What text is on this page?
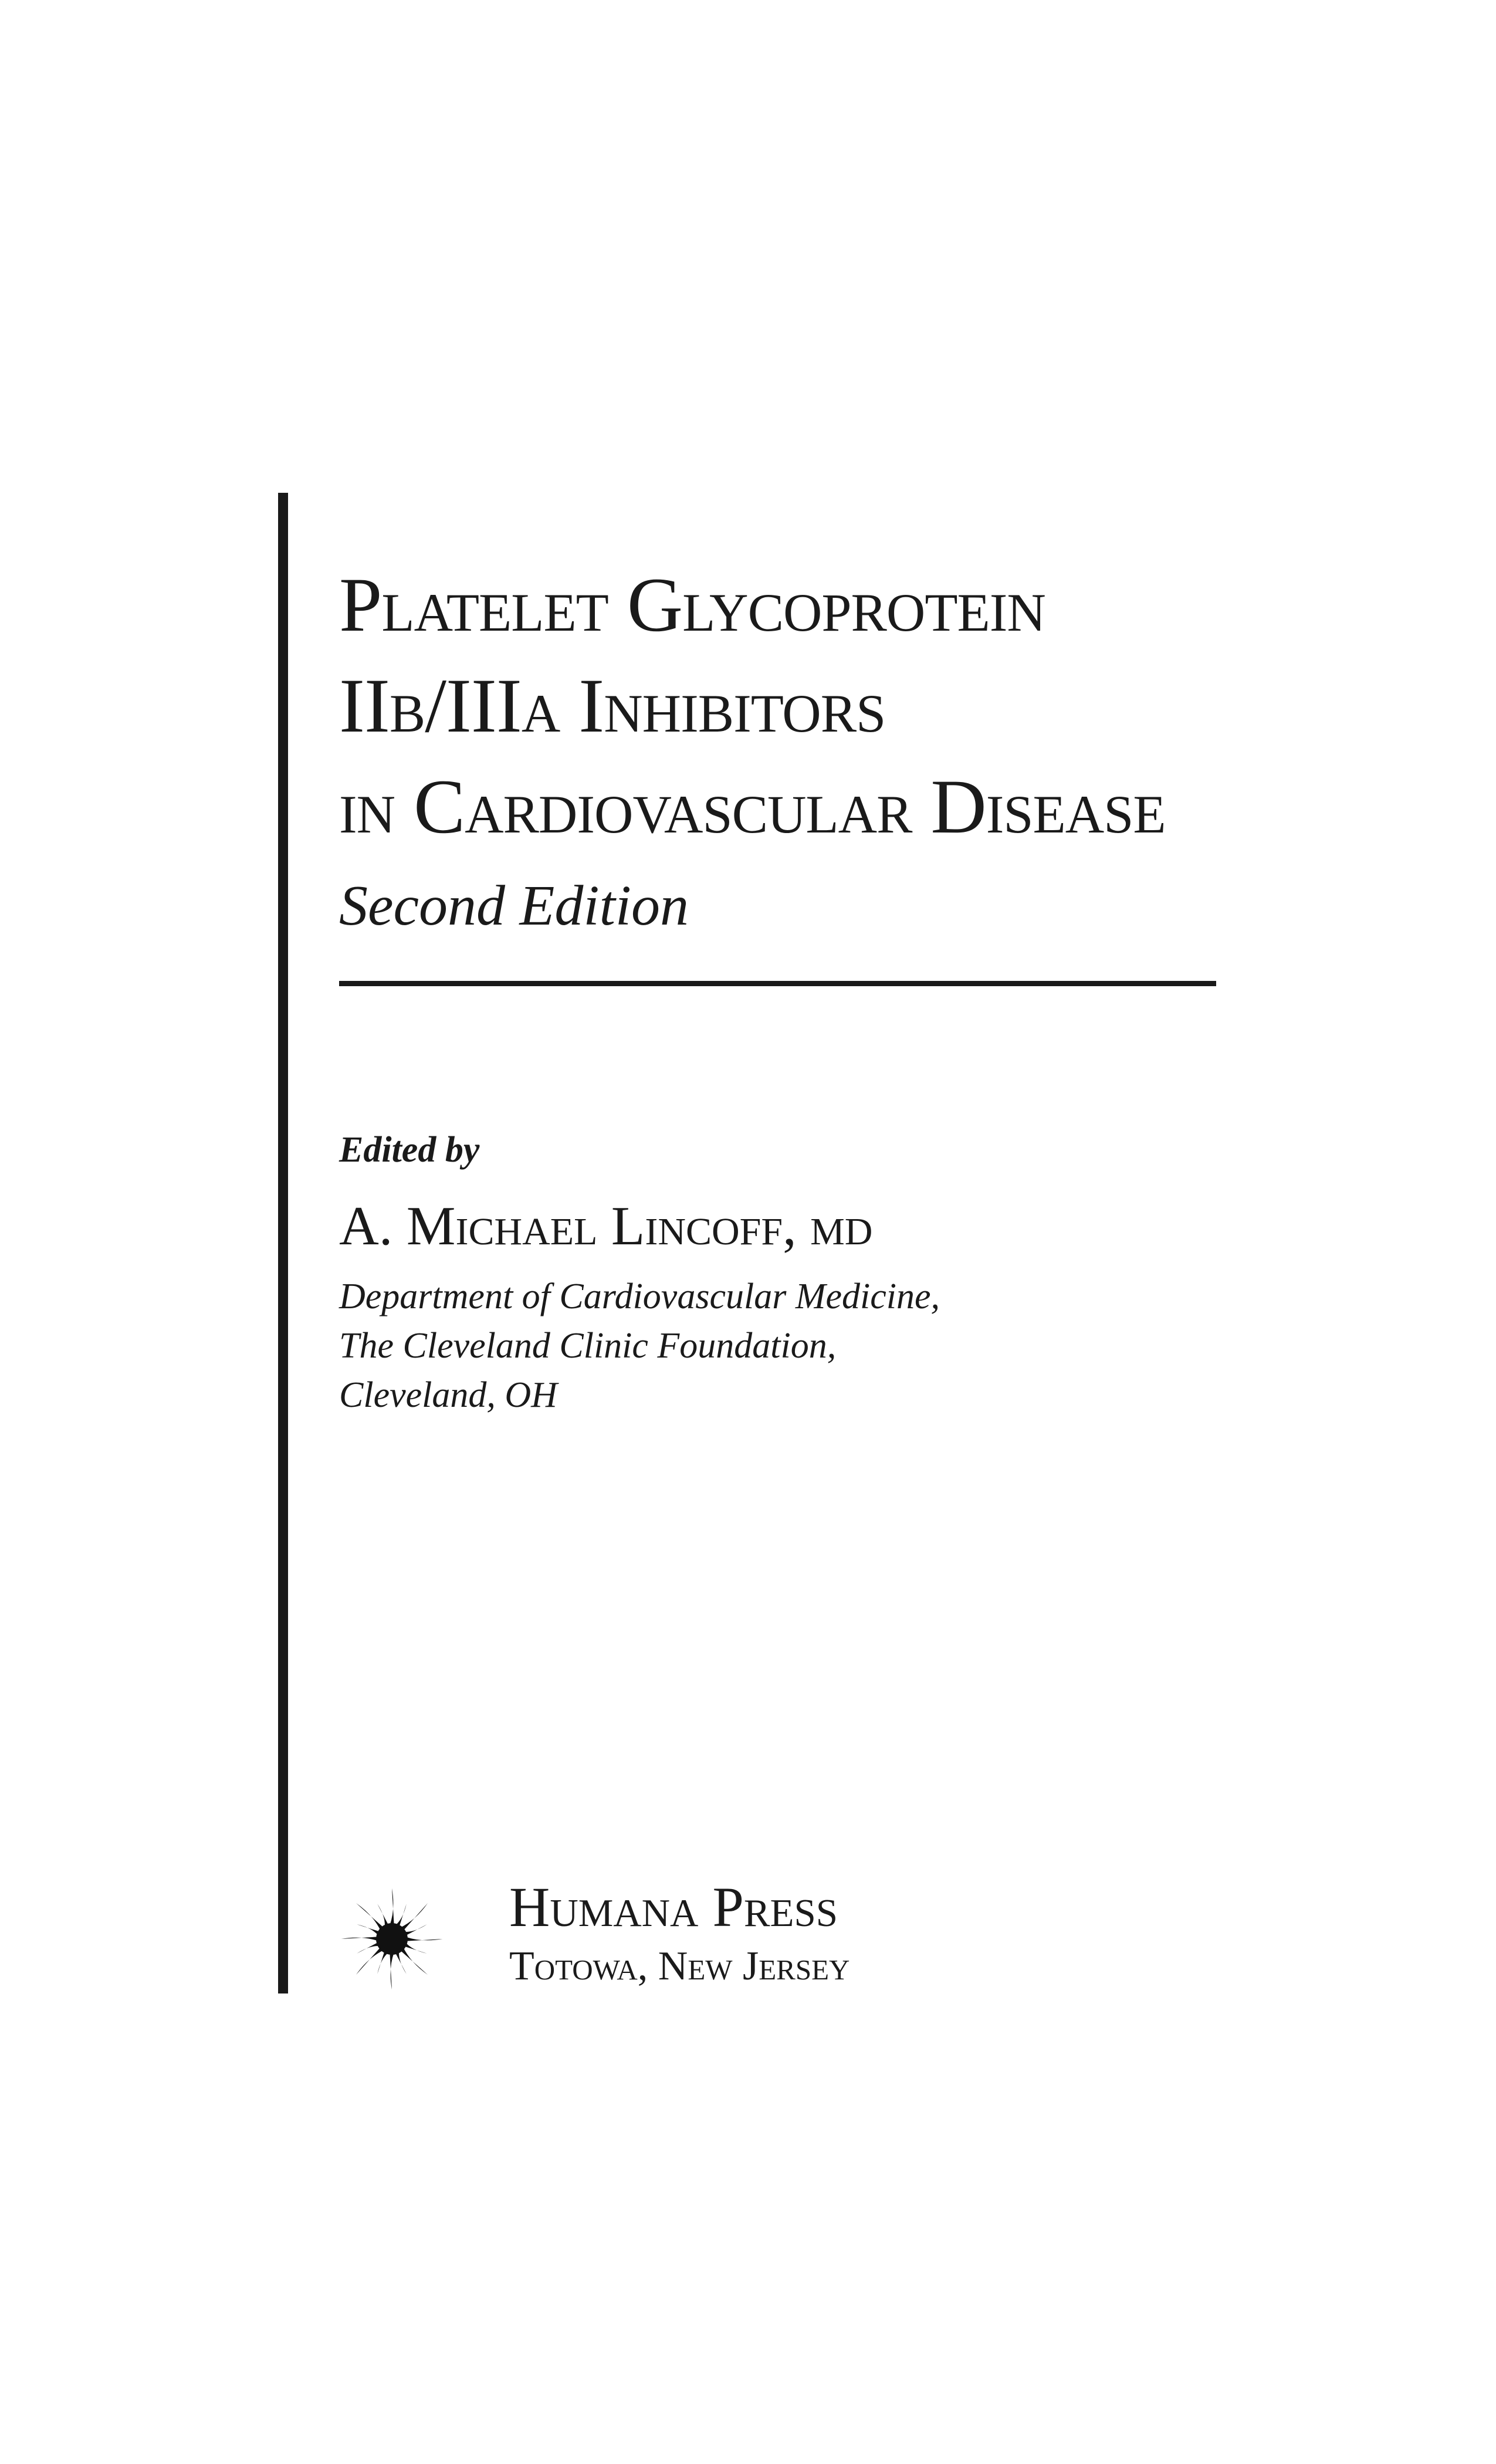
Platelet Glycoprotein
IIb/IIIa Inhibitors
in Cardiovascular Disease
Second Edition
Edited by
A. Michael Lincoff, md
Department of Cardiovascular Medicine,
The Cleveland Clinic Foundation,
Cleveland, OH
Humana Press
Totowa, New Jersey
